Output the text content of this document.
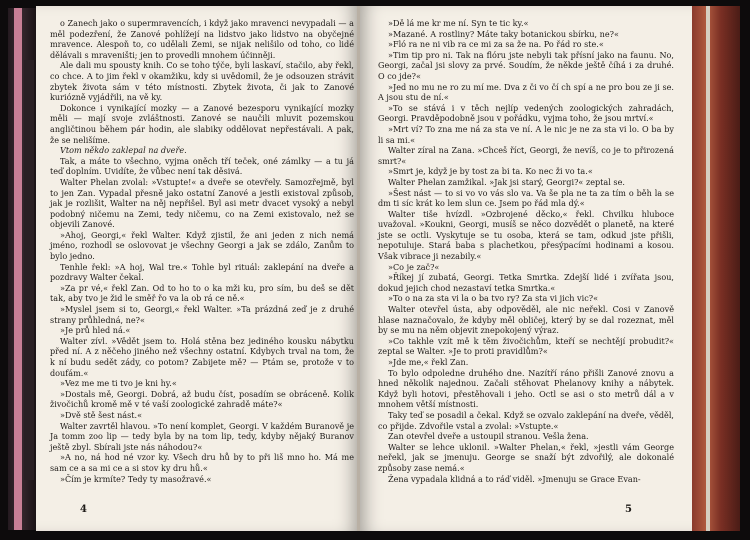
o Zanech jako o supermravencích, i když jako mravenci nevypadali — a měl podezření, že Zanové pohlížejí na lidstvo jako lidstvo na obyčejné mravence. Alespoň to, co udělali Zemi, se nijak nelišilo od toho, co lidé dělávali s mraveništi; jen to provedli mnohem účinněji.

Ale dali mu spousty knih. Co se toho týče, byli laskaví, stačilo, aby řekl, co chce. A to jim řekl v okamžiku, kdy si uvědomil, že je odsouzen strávit zbytek života sám v této místnosti. Zbytek života, či jak to Zanové kuriózně vyjádřili, na vě ky.

Dokonce i vynikající mozky — a Zanové bezesporu vynikající mozky měli — mají svoje zvláštnosti. Zanové se naučili mluvit pozemskou angličtinou během pár hodin, ale slabiky oddělovat nepřestávali. A pak, že se nelišíme.

Vtom někdo zaklepal na dveře.

Tak, a máte to všechno, vyjma oněch tří teček, oné zámlky — a tu já teď doplním. Uvidíte, že vůbec není tak děsivá.

Walter Phelan zvolal: »Vstupte!« a dveře se otevřely. Samozřejmě, byl to jen Zan. Vypadal přesně jako ostatní Zanové a jestli existoval způsob, jak je rozlišit, Walter na něj nepřišel. Byl asi metr dvacet vysoký a nebyl podobný ničemu na Zemi, tedy ničemu, co na Zemi existovalo, než se objevili Zanové.

»Ahoj, Georgi,« řekl Walter. Když zjistil, že ani jeden z nich nemá jméno, rozhodl se oslovovat je všechny Georgi a jak se zdálo, Zanům to bylo jedno.

Tenhle řekl: »A hoj, Wal tre.« Tohle byl rituál: zaklepání na dveře a pozdravy Walter čekal.

»Za pr vé,« řekl Zan. Od to ho to o ka mži ku, pro sím, bu deš se dět tak, aby tvo je žid le směř řo va la ob rá ce ně.«

»Myslel jsem si to, Georgi,« řekl Walter. »Ta prázdná zeď je z druhé strany průhledná, ne?«

»Je prů hled ná.«

Walter zívl. »Vědět jsem to. Holá stěna bez jediného kousku nábytku před ní. A z něčeho jiného než všechny ostatní. Kdybych trval na tom, že k ní budu sedět zády, co potom? Zabijete mě? — Ptám se, protože v to doufám.«

»Vez me me ti tvo je kni hy.«

»Dostals mě, Georgi. Dobrá, až budu číst, posadím se obráceně. Kolik živočichů kromě mě v té vaší zoologické zahradě máte?«

»Dvě stě šest nást.«

Walter zavrtěl hlavou. »To není komplet, Georgi. V každém Buranově je Ja tomm zoo lip — tedy byla by na tom lip, tedy, kdyby nějaký Buranov ještě zbyl. Sbírali jste nás náhodou?«

»A no, ná hod né vzor ky. Všech dru hů by to při liš mno ho. Má me sam ce a sa mi ce a si stov ky dru hů.«

»Čím je krmíte? Tedy ty masožravé.«

4

»Dě lá me kr me ní. Syn te tic ky.«

»Mazané. A rostliny? Máte taky botanickou sbírku, ne?«

»Fló ra ne ni vib ra ce mi za sa že na. Po řád ro ste.«

»Tim tip pro ni. Tak na flóru jste nebyli tak přísní jako na faunu. No, Georgi, začal jsi slovy za prvé. Soudím, že někde ještě číhá i za druhé. O co jde?«

»Jed no mu ne ro zu mí me. Dva z či vo čí ch spí a ne pro bou ze ji se. A jsou stu de ní.«

»To se stává i v těch nejlíp vedených zoologických zahradách, Georgi. Pravděpodobně jsou v pořádku, vyjma toho, že jsou mrtví.«

»Mrt ví? To zna me ná za sta ve ní. A le nic je ne za sta vi lo. O ba by li sa mi.«

Walter zíral na Zana. »Chceš říct, Georgi, že nevíš, co je to přirozená smrt?«

»Smrt je, když je by tost za bi ta. Ko nec ži vo ta.«

Walter Phelan zamžikal. »Jak jsi starý, Georgi?« zeptal se.

»Šest nást — to si vo vo vás slo va. Va še pla ne ta za tím o běh la se dm ti síc krát ko lem slun ce. Jsem po řád mla dý.«

Walter tiše hvízdl. »Ozbrojené děcko,« řekl. Chvilku hluboce uvažoval. »Koukni, Georgi, musíš se něco dozvědět o planetě, na které jste se octli. Vyskytuje se tu osoba, která se tam, odkud jste přišli, nepotuluje. Stará baba s plachetkou, přesýpacími hodinami a kosou. Však vibrace ji nezabily.«

»Co je zač?«

»Říkej jí zubatá, Georgi. Tetka Smrtka. Zdejší lidé i zvířata jsou, dokud jejich chod nezastaví tetka Smrtka.«

»To o na za sta vi la o ba tvo ry? Za sta vi jich vic?«

Walter otevřel ústa, aby odpověděl, ale nic neřekl. Cosi v Zanově hlase naznačovalo, že kdyby měl obličej, který by se dal rozeznat, měl by se mu na něm objevit znepokojený výraz.

»Co takhle vzít mě k těm živočichům, kteří se nechtějí probudit?« zeptal se Walter. »Je to proti pravidlům?«

»Jde me,« řekl Zan.

To bylo odpoledne druhého dne. Nazítří ráno přišli Zanové znovu a hned několik najednou. Začali stěhovat Phelanovy knihy a nábytek. Když byli hotovi, přestěhovali i jeho. Octl se asi o sto metrů dál a v mnohem větší místnosti.

Taky teď se posadil a čekal. Když se ozvalo zaklepání na dveře, věděl, co přijde. Zdvořile vstal a zvolal: »Vstupte.«

Zan otevřel dveře a ustoupil stranou. Vešla žena.

Walter se lehce uklonil. »Walter Phelan,« řekl, »jestli vám George neřekl, jak se jmenuju. George se snaží být zdvořilý, ale dokonalé způsoby zase nemá.«

Žena vypadala klidná a to ráď viděl. »Jmenuju se Grace Evan-

5
